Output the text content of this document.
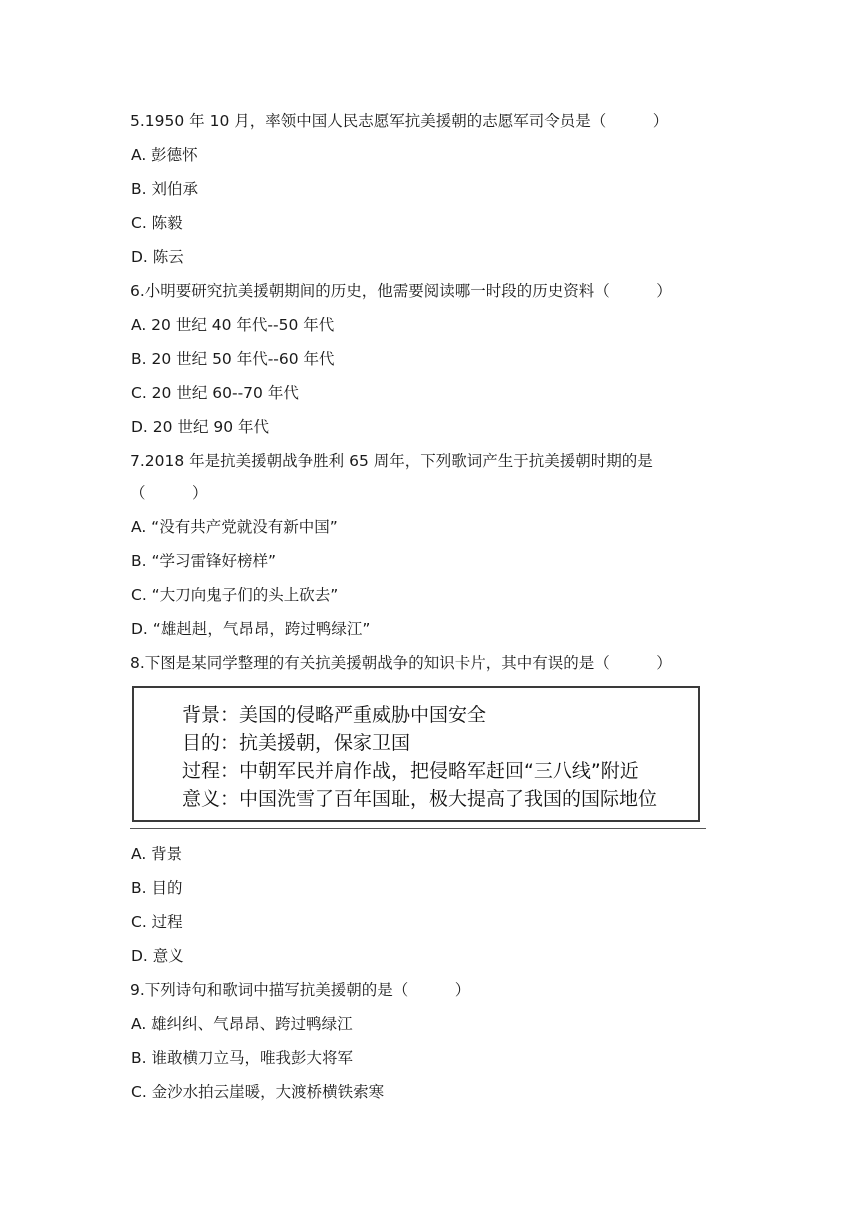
5.1950 年 10 月，率领中国人民志愿军抗美援朝的志愿军司令员是（　　　）
A. 彭德怀
B. 刘伯承
C. 陈毅
D. 陈云
6.小明要研究抗美援朝期间的历史，他需要阅读哪一时段的历史资料（　　　）
A. 20 世纪 40 年代--50 年代
B. 20 世纪 50 年代--60 年代
C. 20 世纪 60--70 年代
D. 20 世纪 90 年代
7.2018 年是抗美援朝战争胜利 65 周年，下列歌词产生于抗美援朝时期的是
（　　　）
A. “没有共产党就没有新中国”
B. “学习雷锋好榜样”
C. “大刀向鬼子们的头上砍去”
D. “雄赳赳，气昂昂，跨过鸭绿江”
8.下图是某同学整理的有关抗美援朝战争的知识卡片，其中有误的是（　　　）
背景：美国的侵略严重威胁中国安全
目的：抗美援朝，保家卫国
过程：中朝军民并肩作战，把侵略军赶回“三八线”附近
意义：中国洗雪了百年国耻，极大提高了我国的国际地位
A. 背景
B. 目的
C. 过程
D. 意义
9.下列诗句和歌词中描写抗美援朝的是（　　　）
A. 雄纠纠、气昂昂、跨过鸭绿江
B. 谁敢横刀立马，唯我彭大将军
C. 金沙水拍云崖暖，大渡桥横铁索寒
